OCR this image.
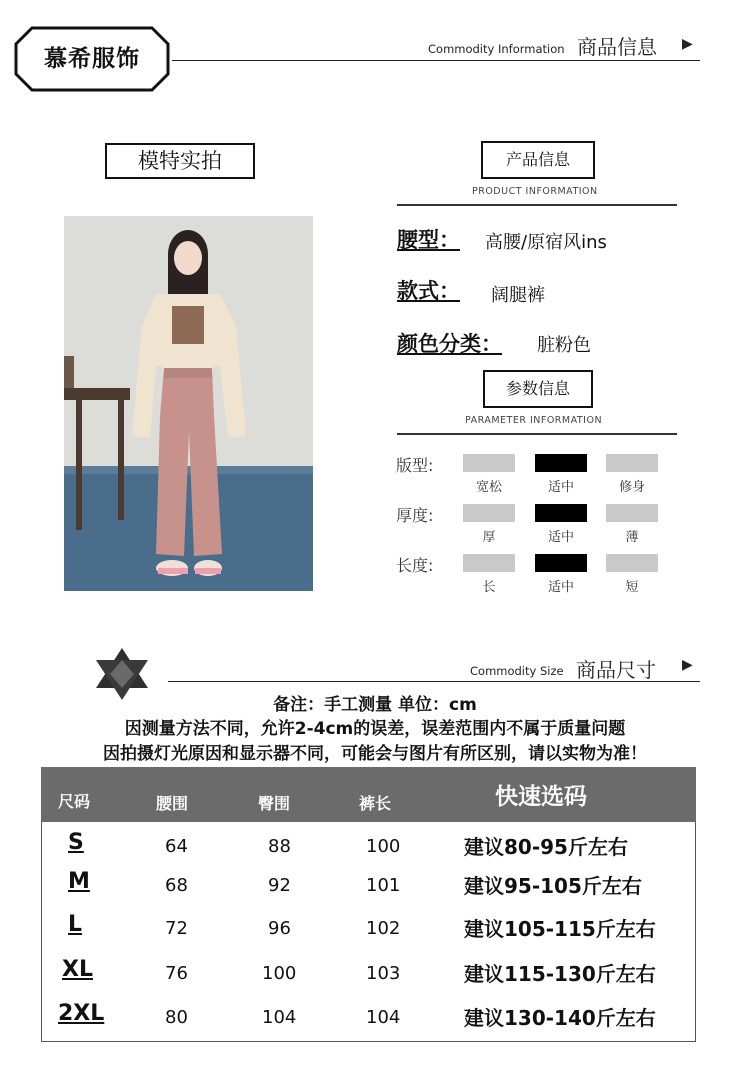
慕希服饰	Commodity Information 商品信息 ▶
模特实拍	产品信息
PRODUCT INFORMATION
腰型： 高腰/原宿风ins
款式： 阔腿裤
颜色分类： 脏粉色
参数信息
PARAMETER INFORMATION
版型:
宽松	适中	修身
厚度:
厚	适中	薄
长度:
长	适中	短
Commodity Size 商品尺寸 ▶
备注：手工测量 单位：cm
因测量方法不同，允许2-4cm的误差，误差范围内不属于质量问题
因拍摄灯光原因和显示器不同，可能会与图片有所区别，请以实物为准！
尺码	腰围	臀围	裤长	快速选码
S	64	88	100	建议80-95斤左右
M	68	92	101	建议95-105斤左右
L	72	96	102	建议105-115斤左右
XL	76	100	103	建议115-130斤左右
2XL	80	104	104	建议130-140斤左右
